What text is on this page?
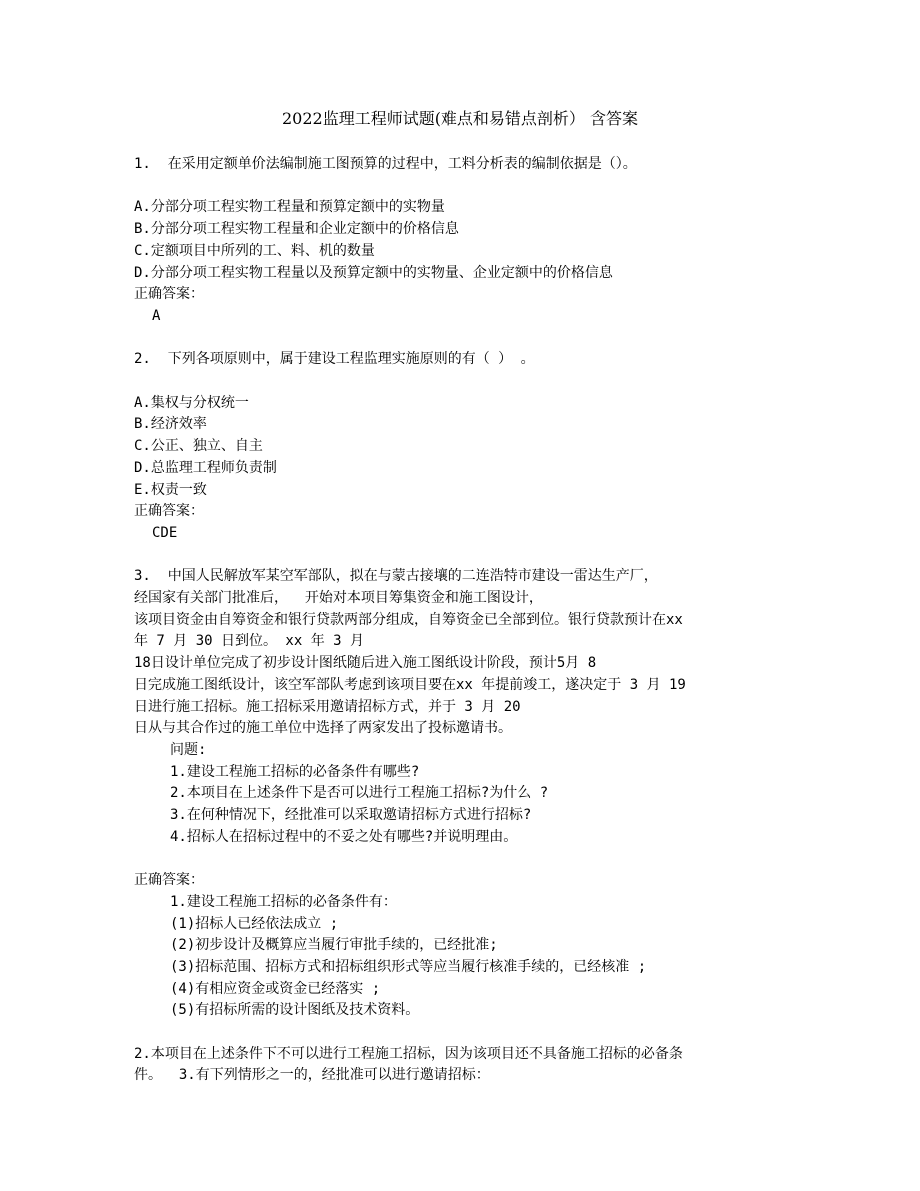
2022监理工程师试题(难点和易错点剖析） 含答案
1.  在采用定额单价法编制施工图预算的过程中，工料分析表的编制依据是（）。
A.分部分项工程实物工程量和预算定额中的实物量
B.分部分项工程实物工程量和企业定额中的价格信息
C.定额项目中所列的工、料、机的数量
D.分部分项工程实物工程量以及预算定额中的实物量、企业定额中的价格信息
正确答案：
A
2.  下列各项原则中，属于建设工程监理实施原则的有（ ） 。
A.集权与分权统一
B.经济效率
C.公正、独立、自主
D.总监理工程师负责制
E.权责一致
正确答案：
CDE
3.  中国人民解放军某空军部队，拟在与蒙古接壤的二连浩特市建设一雷达生产厂，
经国家有关部门批准后，  开始对本项目筹集资金和施工图设计，
该项目资金由自筹资金和银行贷款两部分组成，自筹资金已全部到位。银行贷款预计在xx
年 7 月 30 日到位。 xx 年 3 月
18日设计单位完成了初步设计图纸随后进入施工图纸设计阶段，预计5月 8
日完成施工图纸设计，该空军部队考虑到该项目要在xx 年提前竣工，遂决定于 3 月 19
日进行施工招标。施工招标采用邀请招标方式，并于 3 月 20
日从与其合作过的施工单位中选择了两家发出了投标邀请书。
问题:
1.建设工程施工招标的必备条件有哪些?
2.本项目在上述条件下是否可以进行工程施工招标?为什么 ?
3.在何种情况下，经批准可以采取邀请招标方式进行招标?
4.招标人在招标过程中的不妥之处有哪些?并说明理由。
正确答案：
1.建设工程施工招标的必备条件有：
(1)招标人已经依法成立 ;
(2)初步设计及概算应当履行审批手续的，已经批准;
(3)招标范围、招标方式和招标组织形式等应当履行核准手续的，已经核准 ;
(4)有相应资金或资金已经落实 ;
(5)有招标所需的设计图纸及技术资料。
2.本项目在上述条件下不可以进行工程施工招标，因为该项目还不具备施工招标的必备条
件。  3.有下列情形之一的，经批准可以进行邀请招标：
